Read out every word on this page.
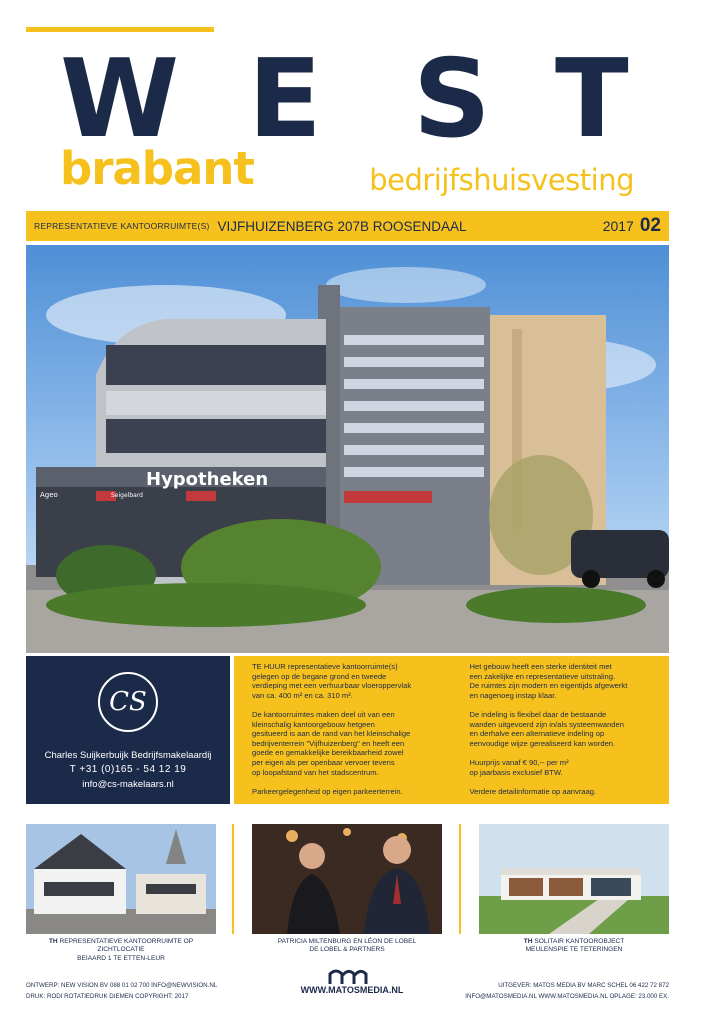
W E S T
brabant	bedrijfshuisvesting
REPRESENTATIEVE KANTOORRUIMTE(S) VIJFHUIZENBERG 207B ROOSENDAAL	2017 02
Hypotheken
Ageo	Seigelbard
CS
Charles Suijkerbuijk Bedrijfsmakelaardij
T +31 (0)165 - 54 12 19
info@cs-makelaars.nl

TE HUUR representatieve kantoorruimte(s)
gelegen op de begane grond en tweede
verdieping met een verhuurbaar vloeroppervlak
van ca. 400 m² en ca. 310 m².

De kantoorruimtes maken deel uit van een
kleinschalig kantoorgebouw hetgeen
gesitueerd is aan de rand van het kleinschalige
bedrijventerrein "Vijfhuizenberg" en heeft een
goede en gemakkelijke bereikbaarheid zowel
per eigen als per openbaar vervoer tevens
op loopafstand van het stadscentrum.

Parkeergelegenheid op eigen parkeerterrein.

Het gebouw heeft een sterke identiteit met
een zakelijke en representatieve uitstraling.
De ruimtes zijn modern en eigentijds afgewerkt
en nagenoeg instap klaar.

De indeling is flexibel daar de bestaande
wanden uitgevoerd zijn in/als systeemwanden
en derhalve een alternatieve indeling op
eenvoudige wijze gerealiseerd kan worden.

Huurprijs vanaf € 90,-- per m²
op jaarbasis exclusief BTW.

Verdere detailinformatie op aanvraag.

TH REPRESENTATIEVE KANTOORRUIMTE OP ZICHTLOCATIE
BEIAARD 1 TE ETTEN-LEUR
PATRICIA MILTENBURG EN LÉON DE LOBEL
DE LOBEL & PARTNERS
TH SOLITAIR KANTOOROBJECT
MEULENSPIE TE TETERINGEN
ONTWERP: NEW VISION BV 088 01 02 700 INFO@NEWVISION.NL
DRUK: RODI ROTATIEDRUK DIEMEN COPYRIGHT: 2017
WWW.MATOSMEDIA.NL	UITGEVER: MATOS MEDIA BV MARC SCHEL 06 422 72 872
INFO@MATOSMEDIA.NL WWW.MATOSMEDIA.NL OPLAGE: 23.000 EX.
